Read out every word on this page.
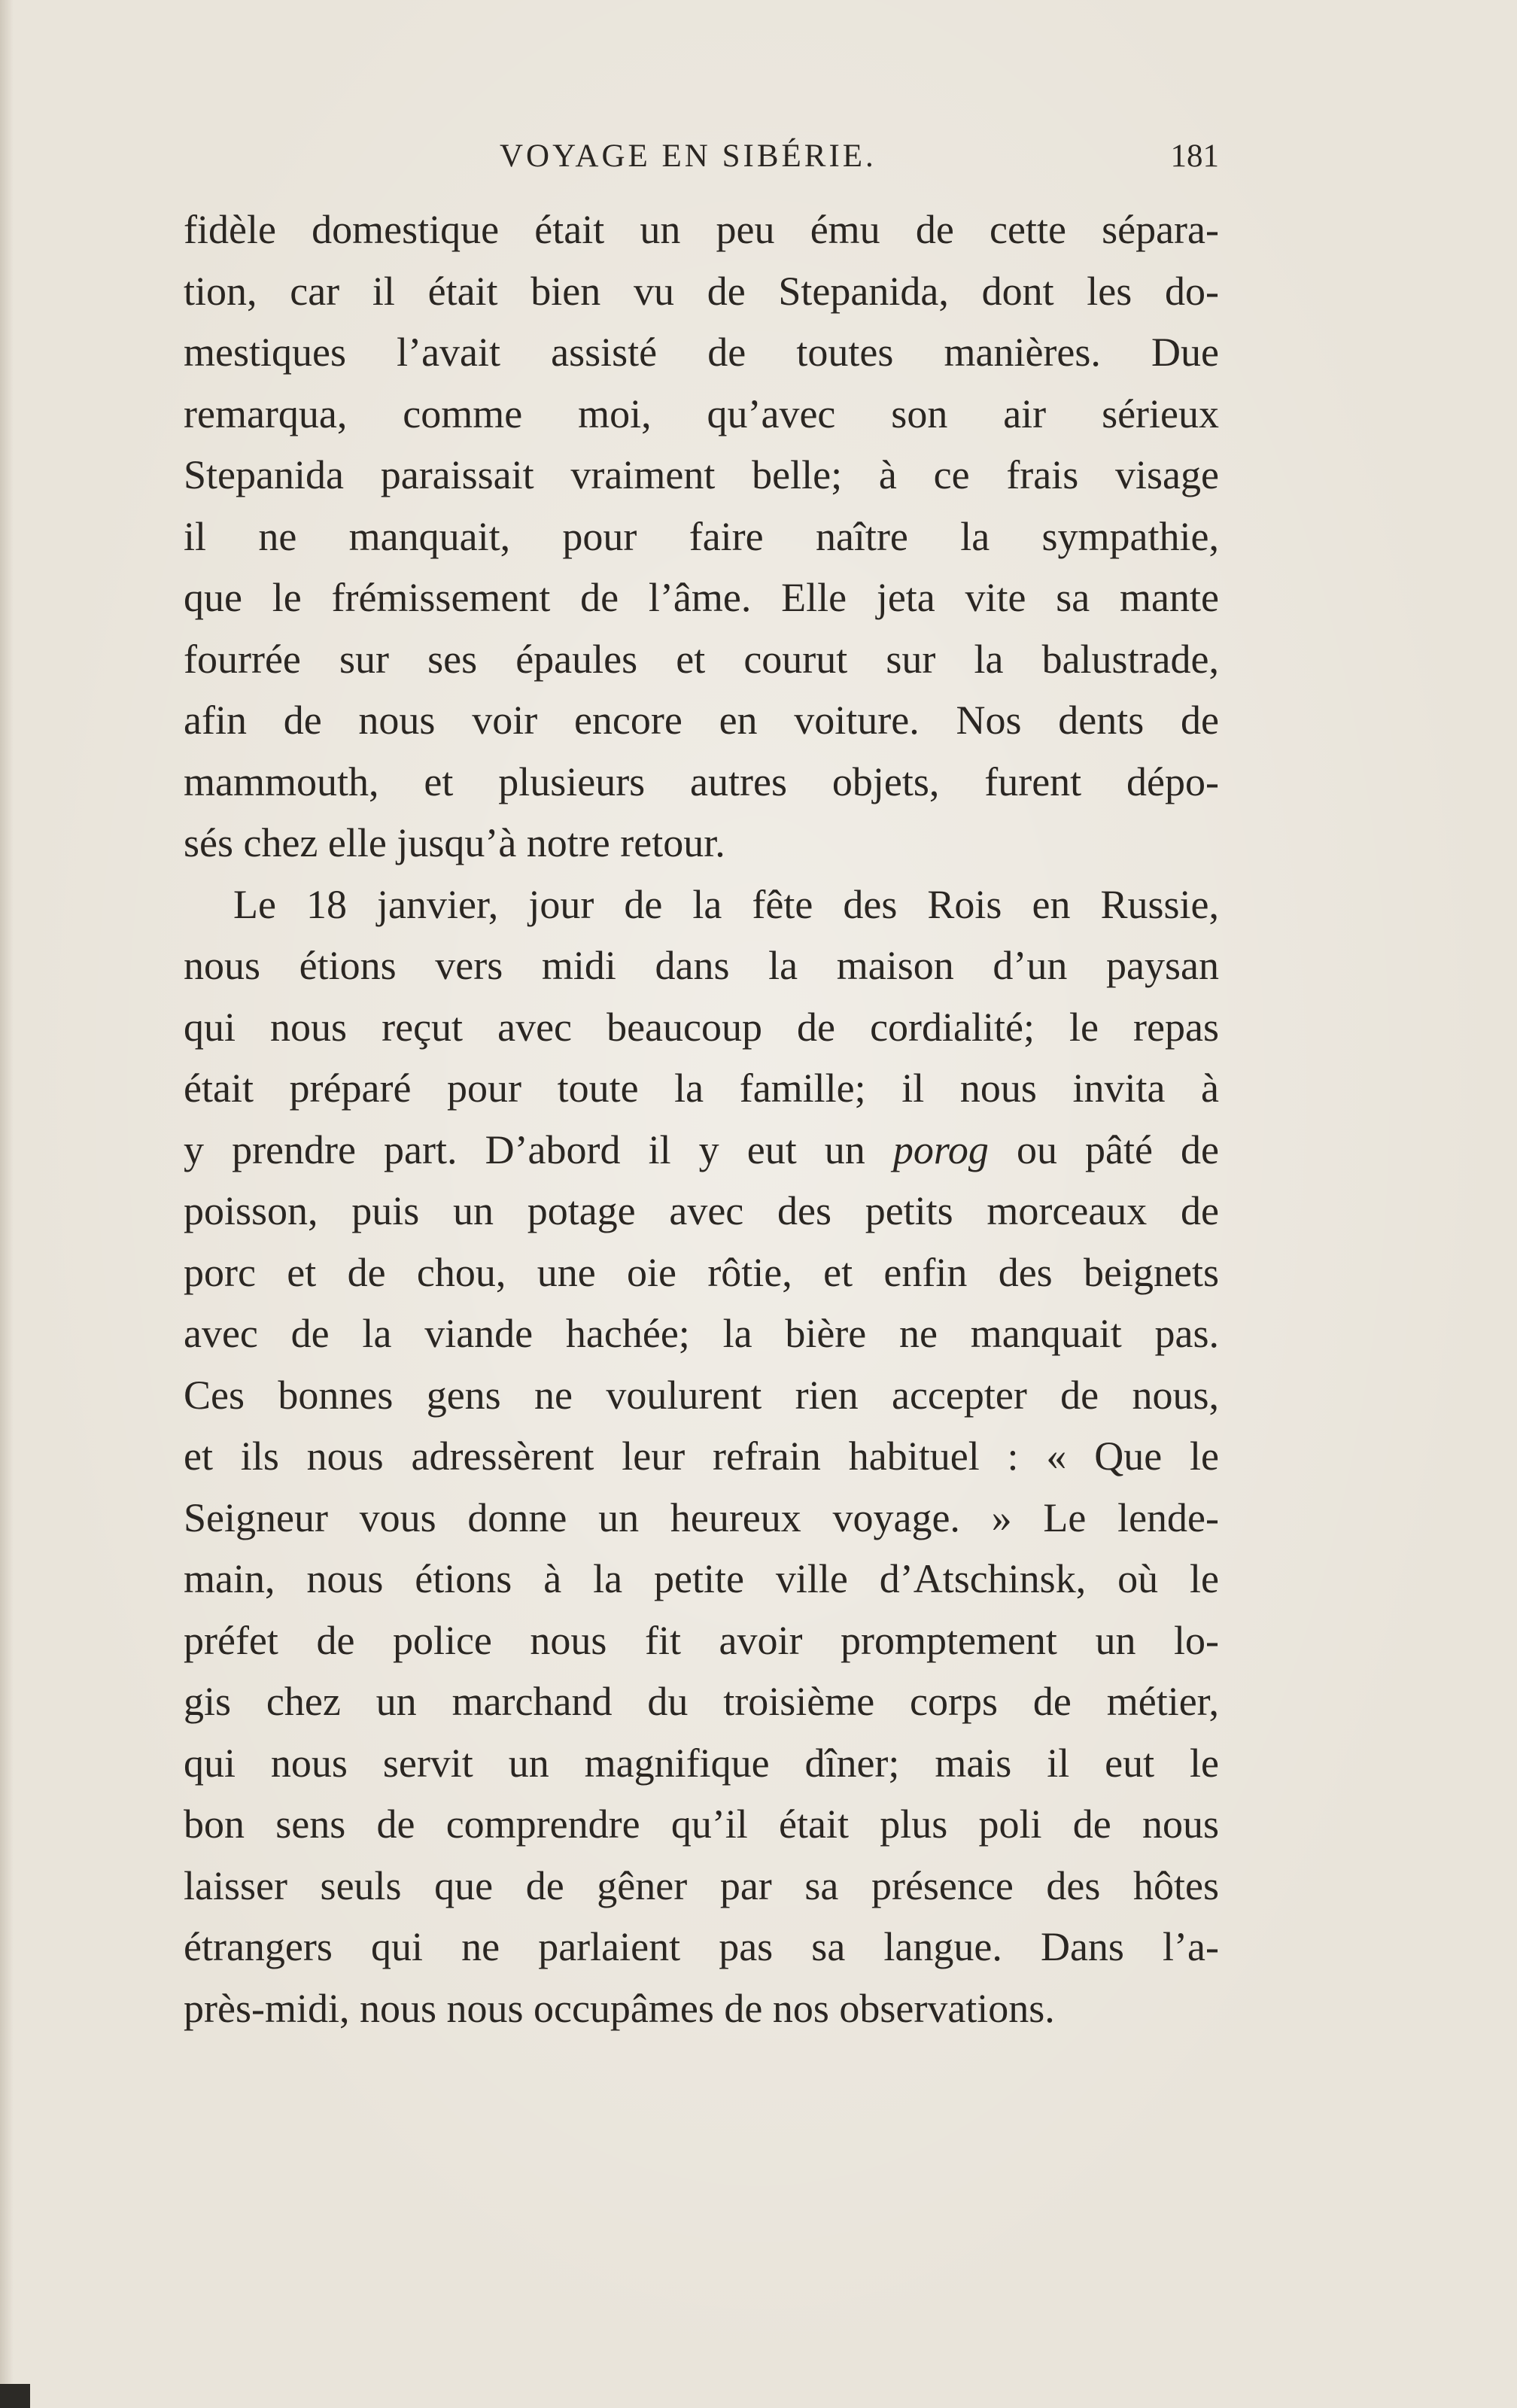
VOYAGE EN SIBÉRIE.	181
fidèle domestique était un peu ému de cette sépara-
tion, car il était bien vu de Stepanida, dont les do-
mestiques l’avait assisté de toutes manières. Due
remarqua, comme moi, qu’avec son air sérieux
Stepanida paraissait vraiment belle; à ce frais visage
il ne manquait, pour faire naître la sympathie,
que le frémissement de l’âme. Elle jeta vite sa mante
fourrée sur ses épaules et courut sur la balustrade,
afin de nous voir encore en voiture. Nos dents de
mammouth, et plusieurs autres objets, furent dépo-
sés chez elle jusqu’à notre retour.
Le 18 janvier, jour de la fête des Rois en Russie,
nous étions vers midi dans la maison d’un paysan
qui nous reçut avec beaucoup de cordialité; le repas
était préparé pour toute la famille; il nous invita à
y prendre part. D’abord il y eut un porog ou pâté de
poisson, puis un potage avec des petits morceaux de
porc et de chou, une oie rôtie, et enfin des beignets
avec de la viande hachée; la bière ne manquait pas.
Ces bonnes gens ne voulurent rien accepter de nous,
et ils nous adressèrent leur refrain habituel : « Que le
Seigneur vous donne un heureux voyage. » Le lende-
main, nous étions à la petite ville d’Atschinsk, où le
préfet de police nous fit avoir promptement un lo-
gis chez un marchand du troisième corps de métier,
qui nous servit un magnifique dîner; mais il eut le
bon sens de comprendre qu’il était plus poli de nous
laisser seuls que de gêner par sa présence des hôtes
étrangers qui ne parlaient pas sa langue. Dans l’a-
près-midi, nous nous occupâmes de nos observations.
